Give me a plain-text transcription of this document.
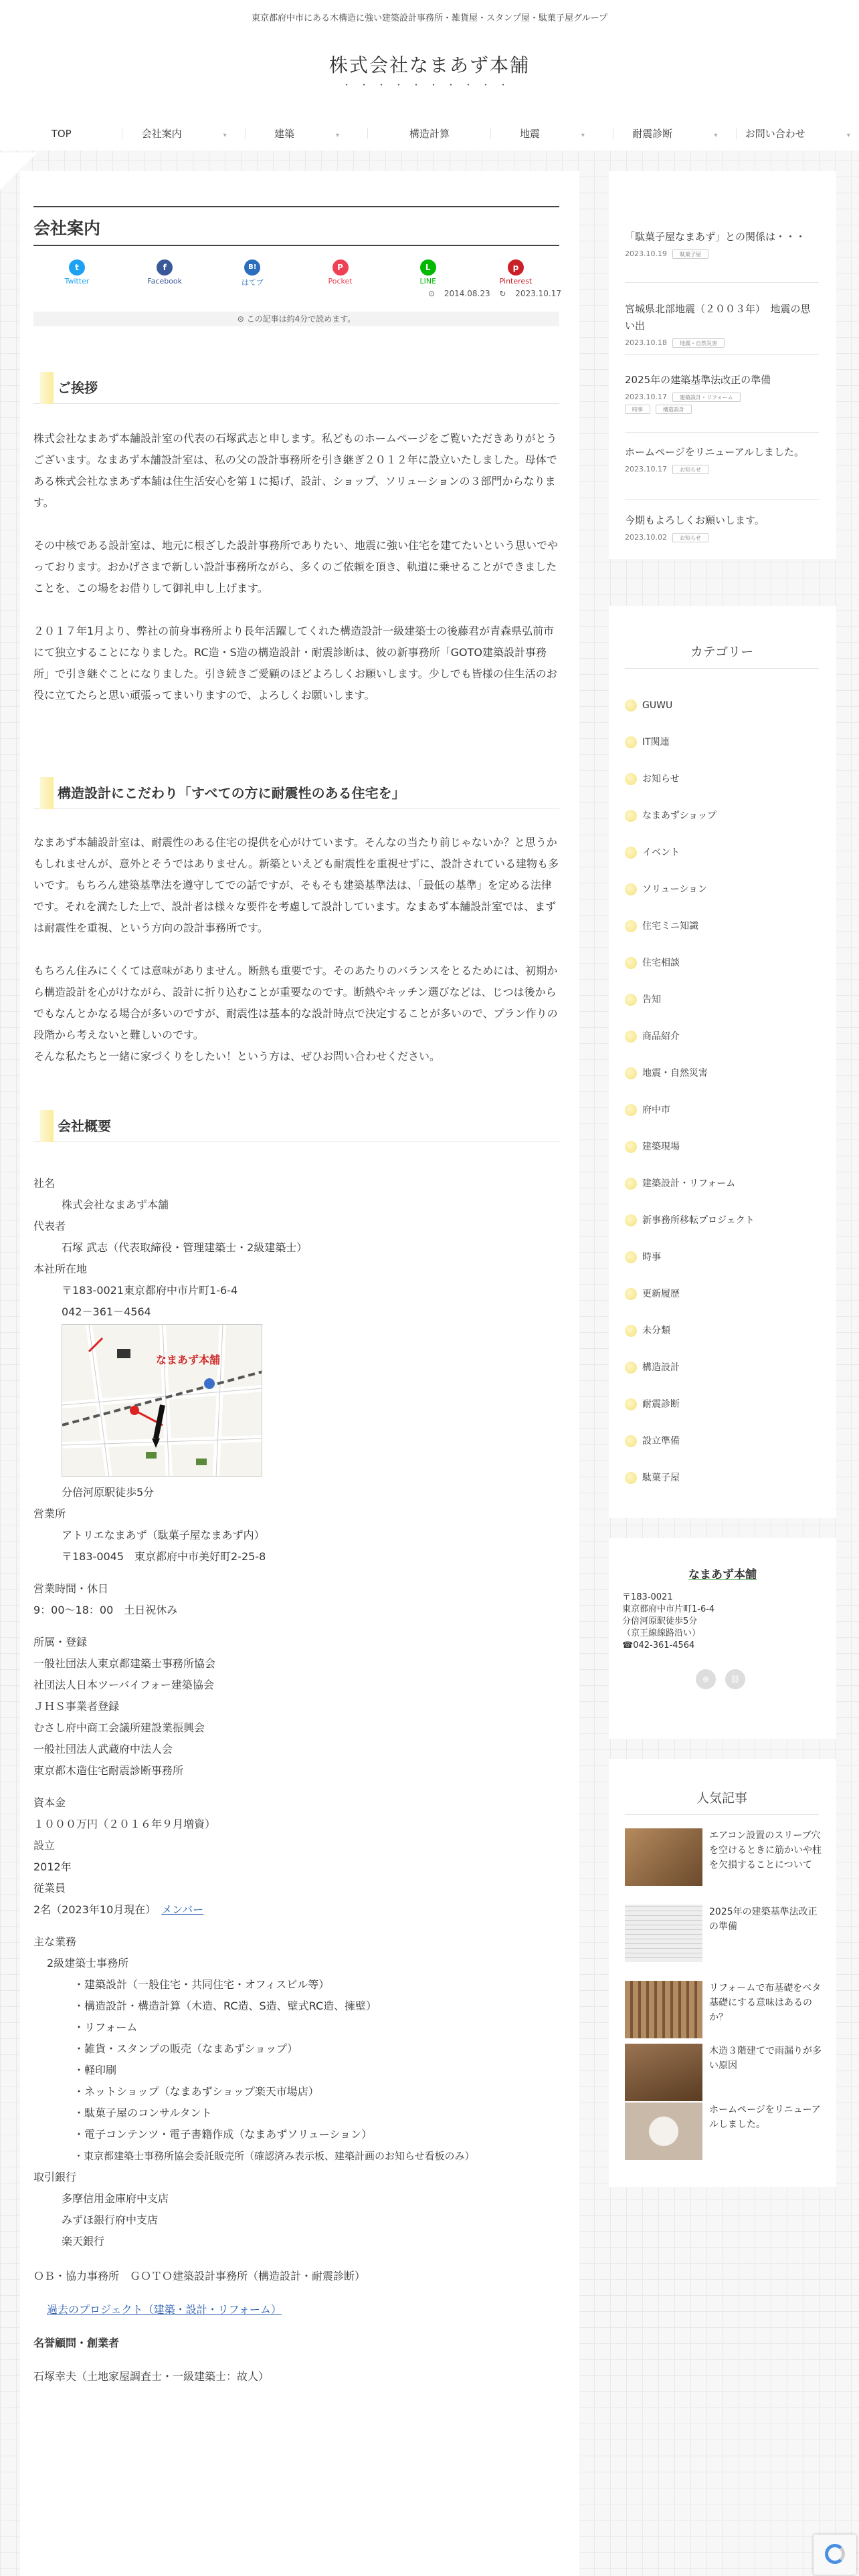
東京都府中市にある木構造に強い建築設計事務所・雑貨屋・スタンプ屋・駄菓子屋グループ
株式会社なまあず本舗
・・・・・・・・・・
TOP	会社案内	▾	建築	▾	構造計算	地震	▾	耐震診断	▾	お問い合わせ	▾
会社案内
t
Twitter
f
Facebook
B!
はてブ
P
Pocket
L
LINE
p
Pinterest
⊙ 2014.08.23 ↻ 2023.10.17
⊙ この記事は約4分で読めます。
ご挨拶

株式会社なまあず本舗設計室の代表の石塚武志と申します。私どものホームページをご覧いただきありがとうございます。なまあず本舗設計室は、私の父の設計事務所を引き継ぎ２０１２年に設立いたしました。母体である株式会社なまあず本舗は住生活安心を第１に掲げ、設計、ショップ、ソリューションの３部門からなります。

その中核である設計室は、地元に根ざした設計事務所でありたい、地震に強い住宅を建てたいという思いでやっております。おかげさまで新しい設計事務所ながら、多くのご依頼を頂き、軌道に乗せることができましたことを、この場をお借りして御礼申し上げます。

２０１７年1月より、弊社の前身事務所より長年活躍してくれた構造設計一級建築士の後藤君が青森県弘前市にて独立することになりました。RC造・S造の構造設計・耐震診断は、彼の新事務所「GOTO建築設計事務所」で引き継ぐことになりました。引き続きご愛顧のほどよろしくお願いします。少しでも皆様の住生活のお役に立てたらと思い頑張ってまいりますので、よろしくお願いします。

構造設計にこだわり「すべての方に耐震性のある住宅を」

なまあず本舗設計室は、耐震性のある住宅の提供を心がけています。そんなの当たり前じゃないか？と思うかもしれませんが、意外とそうではありません。新築といえども耐震性を重視せずに、設計されている建物も多いです。もちろん建築基準法を遵守してでの話ですが、そもそも建築基準法は、「最低の基準」を定める法律です。それを満たした上で、設計者は様々な要件を考慮して設計しています。なまあず本舗設計室では、まずは耐震性を重視、という方向の設計事務所です。

もちろん住みにくくては意味がありません。断熱も重要です。そのあたりのバランスをとるためには、初期から構造設計を心がけながら、設計に折り込むことが重要なのです。断熱やキッチン選びなどは、じつは後からでもなんとかなる場合が多いのですが、耐震性は基本的な設計時点で決定することが多いので、プラン作りの段階から考えないと難しいのです。

そんな私たちと一緒に家づくりをしたい！という方は、ぜひお問い合わせください。

会社概要
社名
株式会社なまあず本舗
代表者
石塚 武志（代表取締役・管理建築士・2級建築士）
本社所在地
〒183-0021東京都府中市片町1-6-4
042－361－4564
なまあず本舗
分倍河原駅徒歩5分
営業所
アトリエなまあず（駄菓子屋なまあず内）
〒183-0045　東京都府中市美好町2-25-8
営業時間・休日
9：00〜18：00　土日祝休み
所属・登録
一般社団法人東京都建築士事務所協会
社団法人日本ツーバイフォー建築協会
ＪＨＳ事業者登録
むさし府中商工会議所建設業振興会
一般社団法人武蔵府中法人会
東京都木造住宅耐震診断事務所
資本金
１０００万円（２０１６年９月増資）
設立
2012年
従業員
2名（2023年10月現在）　 メンバー
主な業務
2級建築士事務所
・建築設計（一般住宅・共同住宅・オフィスビル等）
・構造設計・構造計算（木造、RC造、S造、壁式RC造、擁壁）
・リフォーム
・雑貨・スタンプの販売（なまあずショップ）
・軽印刷
・ネットショップ（なまあずショップ楽天市場店）
・駄菓子屋のコンサルタント
・電子コンテンツ・電子書籍作成（なまあずソリューション）
・東京都建築士事務所協会委託販売所（確認済み表示板、建築計画のお知らせ看板のみ）
取引銀行
多摩信用金庫府中支店
みずほ銀行府中支店
楽天銀行
ＯＢ・協力事務所　ＧＯＴＯ建築設計事務所（構造設計・耐震診断）
過去のプロジェクト（建築・設計・リフォーム）
名誉顧問・創業者
石塚幸夫（土地家屋調査士・一級建築士：故人）
「駄菓子屋なまあず」との関係は・・・
2023.10.19 駄菓子屋
宮城県北部地震（２００３年）　地震の思い出
2023.10.18 地震・自然災害
2025年の建築基準法改正の準備
2023.10.17 建築設計・リフォーム
時事	構造設計
ホームページをリニューアルしました。
2023.10.17 お知らせ
今期もよろしくお願いします。
2023.10.02 お知らせ
カテゴリー
GUWU
IT関連
お知らせ
なまあずショップ
イベント
ソリューション
住宅ミニ知識
住宅相談
告知
商品紹介
地震・自然災害
府中市
建築現場
建築設計・リフォーム
新事務所移転プロジェクト
時事
更新履歴
未分類
構造設計
耐震診断
設立準備
駄菓子屋
なまあず本舗
〒183-0021
東京都府中市片町1-6-4
分倍河原駅徒歩5分
（京王線線路沿い）
☎042-361-4564
⊕	⛓
人気記事
エアコン設置のスリーブ穴を空けるときに筋かいや柱を欠損することについて
2025年の建築基準法改正の準備
リフォームで布基礎をベタ基礎にする意味はあるのか？
木造３階建てで雨漏りが多い原因
ホームページをリニューアルしました。
